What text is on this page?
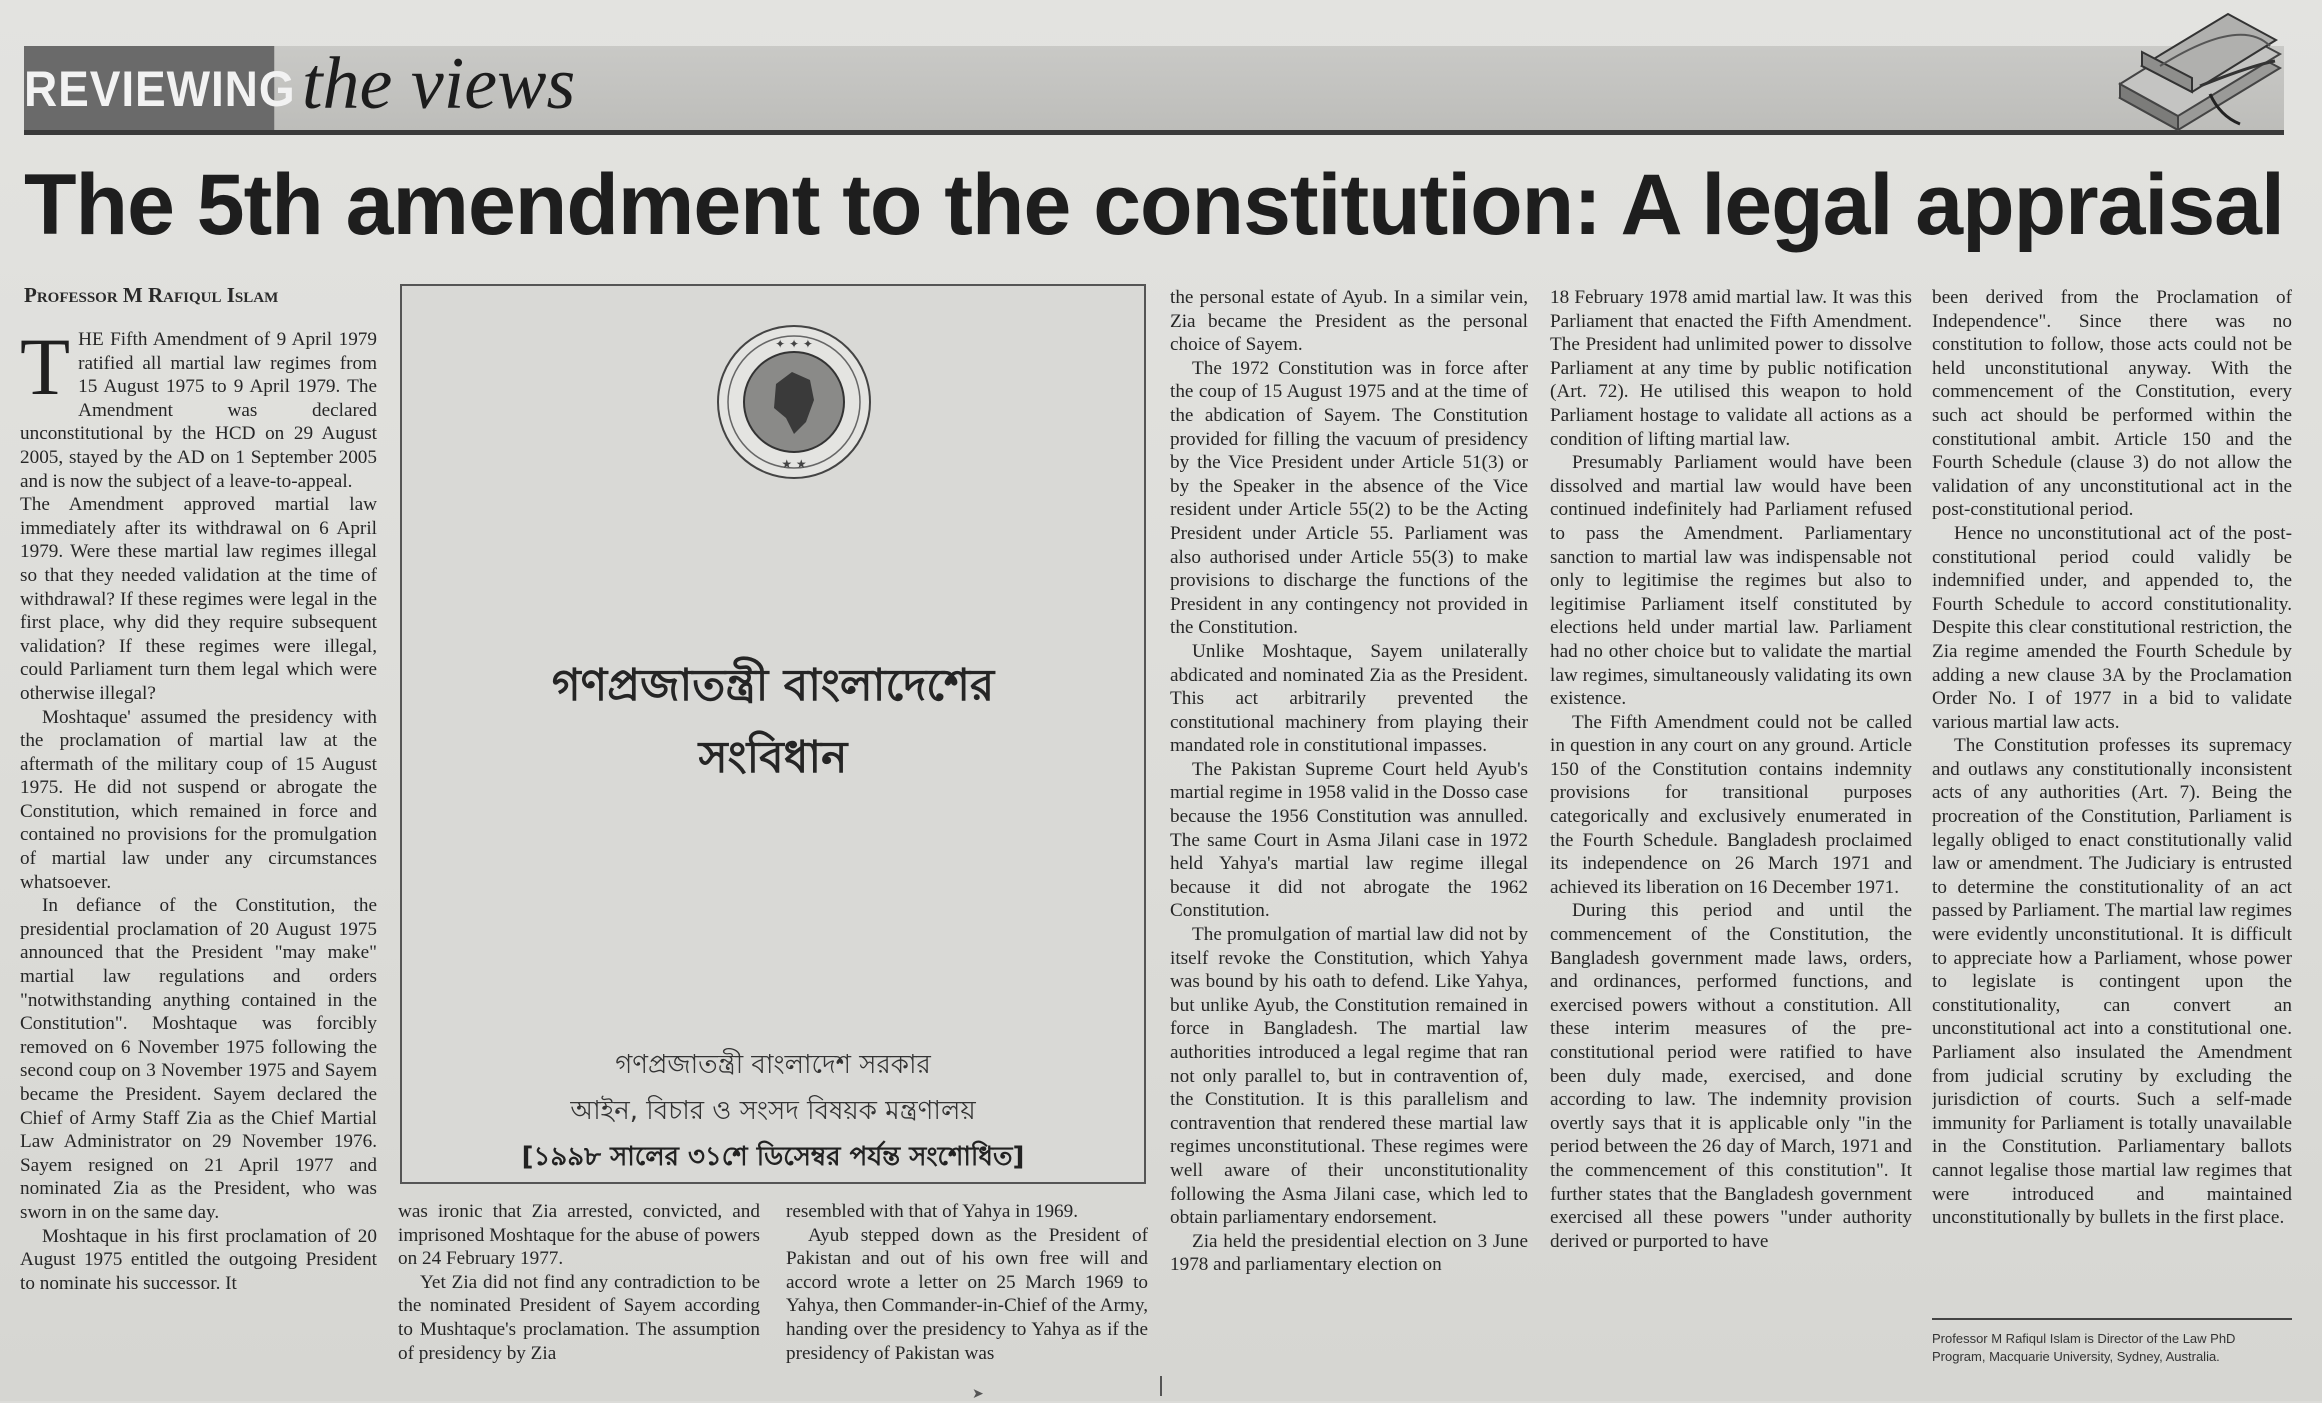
REVIEWING the views
The 5th amendment to the constitution: A legal appraisal
Professor M Rafiqul Islam

THE Fifth Amendment of 9 April 1979 ratified all martial law regimes from 15 August 1975 to 9 April 1979. The Amendment was declared unconstitutional by the HCD on 29 August 2005, stayed by the AD on 1 September 2005 and is now the subject of a leave-to-appeal.

The Amendment approved martial law immediately after its withdrawal on 6 April 1979. Were these martial law regimes illegal so that they needed validation at the time of withdrawal? If these regimes were legal in the first place, why did they require subsequent validation? If these regimes were illegal, could Parliament turn them legal which were otherwise illegal?

Moshtaque' assumed the presidency with the proclamation of martial law at the aftermath of the military coup of 15 August 1975. He did not suspend or abrogate the Constitution, which remained in force and contained no provisions for the promulgation of martial law under any circumstances whatsoever.

In defiance of the Constitution, the presidential proclamation of 20 August 1975 announced that the President "may make" martial law regulations and orders "notwithstanding anything contained in the Constitution". Moshtaque was forcibly removed on 6 November 1975 following the second coup on 3 November 1975 and Sayem became the President. Sayem declared the Chief of Army Staff Zia as the Chief Martial Law Administrator on 29 November 1976. Sayem resigned on 21 April 1977 and nominated Zia as the President, who was sworn in on the same day.

Moshtaque in his first proclamation of 20 August 1975 entitled the outgoing President to nominate his successor. It

✦ ✦ ✦
★ ★
গণপ্রজাতন্ত্রী বাংলাদেশের
সংবিধান
গণপ্রজাতন্ত্রী বাংলাদেশ সরকার
আইন, বিচার ও সংসদ বিষয়ক মন্ত্রণালয়
[১৯৯৮ সালের ৩১শে ডিসেম্বর পর্যন্ত সংশোধিত]

was ironic that Zia arrested, convicted, and imprisoned Moshtaque for the abuse of powers on 24 February 1977.

Yet Zia did not find any contradiction to be the nominated President of Sayem according to Mushtaque's proclamation. The assumption of presidency by Zia

resembled with that of Yahya in 1969.

Ayub stepped down as the President of Pakistan and out of his own free will and accord wrote a letter on 25 March 1969 to Yahya, then Commander-in-Chief of the Army, handing over the presidency to Yahya as if the presidency of Pakistan was

the personal estate of Ayub. In a similar vein, Zia became the President as the personal choice of Sayem.

The 1972 Constitution was in force after the coup of 15 August 1975 and at the time of the abdication of Sayem. The Constitution provided for filling the vacuum of presidency by the Vice President under Article 51(3) or by the Speaker in the absence of the Vice resident under Article 55(2) to be the Acting President under Article 55. Parliament was also authorised under Article 55(3) to make provisions to discharge the functions of the President in any contingency not provided in the Constitution.

Unlike Moshtaque, Sayem unilaterally abdicated and nominated Zia as the President. This act arbitrarily prevented the constitutional machinery from playing their mandated role in constitutional impasses.

The Pakistan Supreme Court held Ayub's martial regime in 1958 valid in the Dosso case because the 1956 Constitution was annulled. The same Court in Asma Jilani case in 1972 held Yahya's martial law regime illegal because it did not abrogate the 1962 Constitution.

The promulgation of martial law did not by itself revoke the Constitution, which Yahya was bound by his oath to defend. Like Yahya, but unlike Ayub, the Constitution remained in force in Bangladesh. The martial law authorities introduced a legal regime that ran not only parallel to, but in contravention of, the Constitution. It is this parallelism and contravention that rendered these martial law regimes unconstitutional. These regimes were well aware of their unconstitutionality following the Asma Jilani case, which led to obtain parliamentary endorsement.

Zia held the presidential election on 3 June 1978 and parliamentary election on

18 February 1978 amid martial law. It was this Parliament that enacted the Fifth Amendment. The President had unlimited power to dissolve Parliament at any time by public notification (Art. 72). He utilised this weapon to hold Parliament hostage to validate all actions as a condition of lifting martial law.

Presumably Parliament would have been dissolved and martial law would have been continued indefinitely had Parliament refused to pass the Amendment. Parliamentary sanction to martial law was indispensable not only to legitimise the regimes but also to legitimise Parliament itself constituted by elections held under martial law. Parliament had no other choice but to validate the martial law regimes, simultaneously validating its own existence.

The Fifth Amendment could not be called in question in any court on any ground. Article 150 of the Constitution contains indemnity provisions for transitional purposes categorically and exclusively enumerated in the Fourth Schedule. Bangladesh proclaimed its independence on 26 March 1971 and achieved its liberation on 16 December 1971.

During this period and until the commencement of the Constitution, the Bangladesh government made laws, orders, and ordinances, performed functions, and exercised powers without a constitution. All these interim measures of the pre-constitutional period were ratified to have been duly made, exercised, and done according to law. The indemnity provision overtly says that it is applicable only "in the period between the 26 day of March, 1971 and the commencement of this constitution". It further states that the Bangladesh government exercised all these powers "under authority derived or purported to have

been derived from the Proclamation of Independence". Since there was no constitution to follow, those acts could not be held unconstitutional anyway. With the commencement of the Constitution, every such act should be performed within the constitutional ambit. Article 150 and the Fourth Schedule (clause 3) do not allow the validation of any unconstitutional act in the post-constitutional period.

Hence no unconstitutional act of the post-constitutional period could validly be indemnified under, and appended to, the Fourth Schedule to accord constitutionality. Despite this clear constitutional restriction, the Zia regime amended the Fourth Schedule by adding a new clause 3A by the Proclamation Order No. I of 1977 in a bid to validate various martial law acts.

The Constitution professes its supremacy and outlaws any constitutionally inconsistent acts of any authorities (Art. 7). Being the procreation of the Constitution, Parliament is legally obliged to enact constitutionally valid law or amendment. The Judiciary is entrusted to determine the constitutionality of an act passed by Parliament. The martial law regimes were evidently unconstitutional. It is difficult to appreciate how a Parliament, whose power to legislate is contingent upon the constitutionality, can convert an unconstitutional act into a constitutional one. Parliament also insulated the Amendment from judicial scrutiny by excluding the jurisdiction of courts. Such a self-made immunity for Parliament is totally unavailable in the Constitution. Parliamentary ballots cannot legalise those martial law regimes that were introduced and maintained unconstitutionally by bullets in the first place.

Professor M Rafiqul Islam is Director of the Law PhD Program, Macquarie University, Sydney, Australia.
➤
